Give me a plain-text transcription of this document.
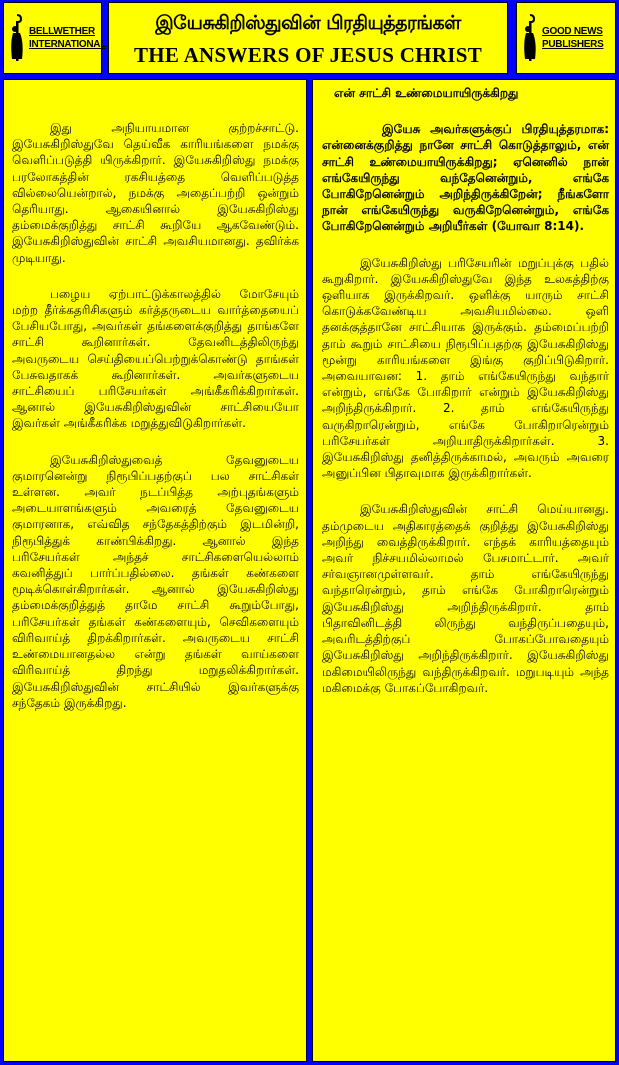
BELLWETHER
INTERNATIONAL
இயேசுகிறிஸ்துவின் பிரதியுத்தரங்கள்
THE ANSWERS OF JESUS CHRIST
GOOD NEWS
PUBLISHERS

இது அநியாயமான குற்றச்சாட்டு. இயேசுகிறிஸ்துவே தெய்வீக காரியங்களை நமக்கு வெளிப்படுத்தி யிருக்கிறார். இயேசுகிறிஸ்து நமக்கு பரலோகத்தின் ரகசியத்தை வெளிப்படுத்த வில்லையென்றால், நமக்கு அதைப்பற்றி ஒன்றும் தெரியாது. ஆகையினால் இயேசுகிறிஸ்து தம்மைக்குறித்து சாட்சி கூறியே ஆகவேண்டும். இயேசுகிறிஸ்துவின் சாட்சி அவசியமானது. தவிர்க்க முடியாது.

பழைய ஏற்பாட்டுக்காலத்தில் மோசேயும் மற்ற தீர்க்கதரிசிகளும் கர்த்தருடைய வார்த்தையைப் பேசியபோது, அவர்கள் தங்களைக்குறித்து தாங்களே சாட்சி கூறினார்கள். தேவனிடத்திலிருந்து அவருடைய செய்தியைப்பெற்றுக்கொண்டு தாங்கள் பேசுவதாகக் கூறினார்கள். அவர்களுடைய சாட்சியைப் பரிசேயர்கள் அங்கீகரிக்கிறார்கள். ஆனால் இயேசுகிறிஸ்துவின் சாட்சியையோ இவர்கள் அங்கீகரிக்க மறுத்துவிடுகிறார்கள்.

இயேசுகிறிஸ்துவைத் தேவனுடைய குமாரனென்று நிரூபிப்பதற்குப் பல சாட்சிகள் உள்ளன. அவர் நடப்பித்த அற்புதங்களும் அடையாளங்களும் அவரைத் தேவனுடைய குமாரனாக, எவ்வித சந்தேகத்திற்கும் இடமின்றி, நிரூபித்துக் காண்பிக்கிறது. ஆனால் இந்த பரிசேயர்கள் அந்தச் சாட்சிகளையெல்லாம் கவனித்துப் பார்ப்பதில்லை. தங்கள் கண்களை மூடிக்கொள்கிறார்கள். ஆனால் இயேசுகிறிஸ்து தம்மைக்குறித்துத் தாமே சாட்சி கூறும்போது, பரிசேயர்கள் தங்கள் கண்களையும், செவிகளையும் விரிவாய்த் திறக்கிறார்கள். அவருடைய சாட்சி உண்மையானதல்ல என்று தங்கள் வாய்களை விரிவாய்த் திறந்து மறுதலிக்கிறார்கள். இயேசுகிறிஸ்துவின் சாட்சியில் இவர்களுக்கு சந்தேகம் இருக்கிறது.

என் சாட்சி உண்மையாயிருக்கிறது

இயேசு அவர்களுக்குப் பிரதியுத்தரமாக: என்னைக்குறித்து நானே சாட்சி கொடுத்தாலும், என் சாட்சி உண்மையாயிருக்கிறது; ஏனெனில் நான் எங்கேயிருந்து வந்தேனென்றும், எங்கே போகிறேனென்றும் அறிந்திருக்கிறேன்; நீங்களோ நான் எங்கேயிருந்து வருகிறேனென்றும், எங்கே போகிறேனென்றும் அறியீர்கள் (யோவா 8:14).

இயேசுகிறிஸ்து பரிசேயரின் மறுப்புக்கு பதில் கூறுகிறார். இயேசுகிறிஸ்துவே இந்த உலகத்திற்கு ஒளியாக இருக்கிறவர். ஒளிக்கு யாரும் சாட்சி கொடுக்கவேண்டிய அவசியமில்லை. ஒளி தனக்குத்தானே சாட்சியாக இருக்கும். தம்மைப்பற்றி தாம் கூறும் சாட்சியை நிரூபிப்பதற்கு இயேசுகிறிஸ்து மூன்று காரியங்களை இங்கு குறிப்பிடுகிறார். அவையாவன: 1. தாம் எங்கேயிருந்து வந்தார் என்றும், எங்கே போகிறார் என்றும் இயேசுகிறிஸ்து அறிந்திருக்கிறார். 2. தாம் எங்கேயிருந்து வருகிறாரென்றும், எங்கே போகிறாரென்றும் பரிசேயர்கள் அறியாதிருக்கிறார்கள். 3. இயேசுகிறிஸ்து தனித்திருக்காமல், அவரும் அவரை அனுப்பின பிதாவுமாக இருக்கிறார்கள்.

இயேசுகிறிஸ்துவின் சாட்சி மெய்யானது. தம்முடைய அதிகாரத்தைக் குறித்து இயேசுகிறிஸ்து அறிந்து வைத்திருக்கிறார். எந்தக் காரியத்தையும் அவர் நிச்சயமில்லாமல் பேசமாட்டார். அவர் சர்வஞானமுள்ளவர். தாம் எங்கேயிருந்து வந்தாரென்றும், தாம் எங்கே போகிறாரென்றும் இயேசுகிறிஸ்து அறிந்திருக்கிறார். தாம் பிதாவினிடத்தி லிருந்து வந்திருப்பதையும், அவரிடத்திற்குப் போகப்போவதையும் இயேசுகிறிஸ்து அறிந்திருக்கிறார். இயேசுகிறிஸ்து மகிமையிலிருந்து வந்திருக்கிறவர். மறுபடியும் அந்த மகிமைக்கு போகப்போகிறவர்.
